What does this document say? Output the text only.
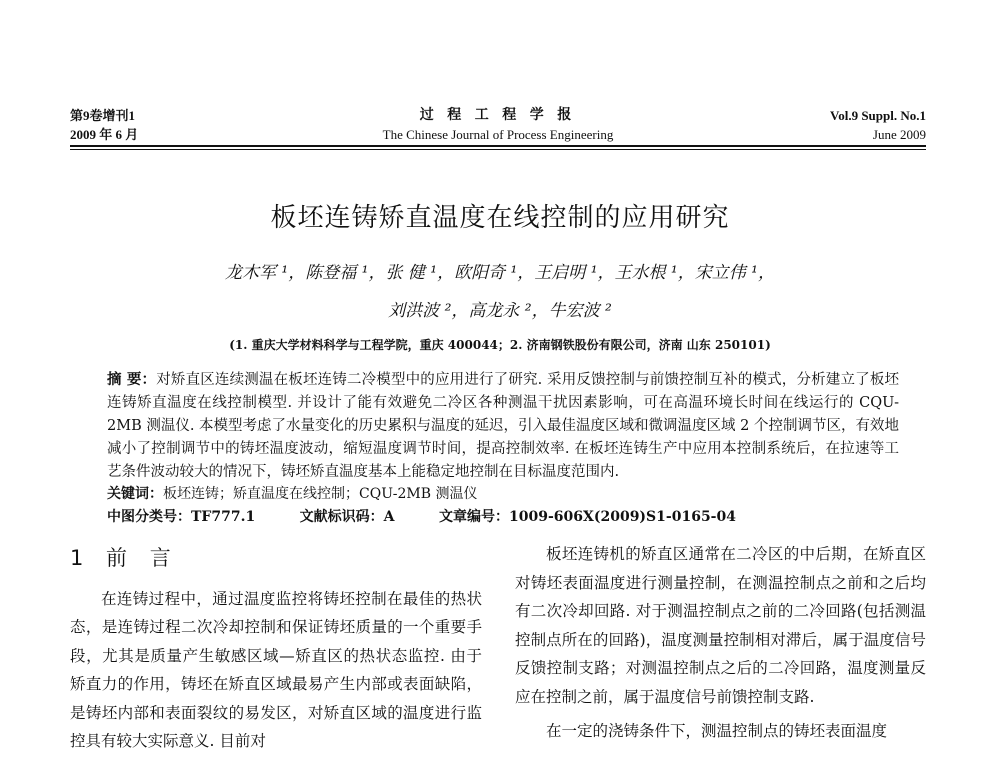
第9卷增刊1
2009 年 6 月
过 程 工 程 学 报
The Chinese Journal of Process Engineering
Vol.9 Suppl. No.1
June 2009
板坯连铸矫直温度在线控制的应用研究
龙木军 ¹，陈登福 ¹，张 健 ¹，欧阳奇 ¹，王启明 ¹，王水根 ¹，宋立伟 ¹，
刘洪波 ²，高龙永 ²，牛宏波 ²
(1. 重庆大学材料科学与工程学院，重庆 400044；2. 济南钢铁股份有限公司，济南 山东 250101)
摘 要：对矫直区连续测温在板坯连铸二冷模型中的应用进行了研究. 采用反馈控制与前馈控制互补的模式，分析建立了板坯连铸矫直温度在线控制模型. 并设计了能有效避免二冷区各种测温干扰因素影响，可在高温环境长时间在线运行的 CQU-2MB 测温仪. 本模型考虑了水量变化的历史累积与温度的延迟，引入最佳温度区域和微调温度区域 2 个控制调节区，有效地减小了控制调节中的铸坯温度波动，缩短温度调节时间，提高控制效率. 在板坯连铸生产中应用本控制系统后，在拉速等工艺条件波动较大的情况下，铸坯矫直温度基本上能稳定地控制在目标温度范围内.
关键词：板坯连铸；矫直温度在线控制；CQU-2MB 测温仪
中图分类号：TF777.1	文献标识码：A	文章编号：1009-606X(2009)S1-0165-04
1 前 言

在连铸过程中，通过温度监控将铸坯控制在最佳的热状态，是连铸过程二次冷却控制和保证铸坯质量的一个重要手段，尤其是质量产生敏感区域—矫直区的热状态监控. 由于矫直力的作用，铸坯在矫直区域最易产生内部或表面缺陷，是铸坯内部和表面裂纹的易发区，对矫直区域的温度进行监控具有较大实际意义. 目前对

板坯连铸机的矫直区通常在二冷区的中后期，在矫直区对铸坯表面温度进行测量控制，在测温控制点之前和之后均有二次冷却回路. 对于测温控制点之前的二冷回路(包括测温控制点所在的回路)，温度测量控制相对滞后，属于温度信号反馈控制支路；对测温控制点之后的二冷回路，温度测量反应在控制之前，属于温度信号前馈控制支路.

在一定的浇铸条件下，测温控制点的铸坯表面温度
